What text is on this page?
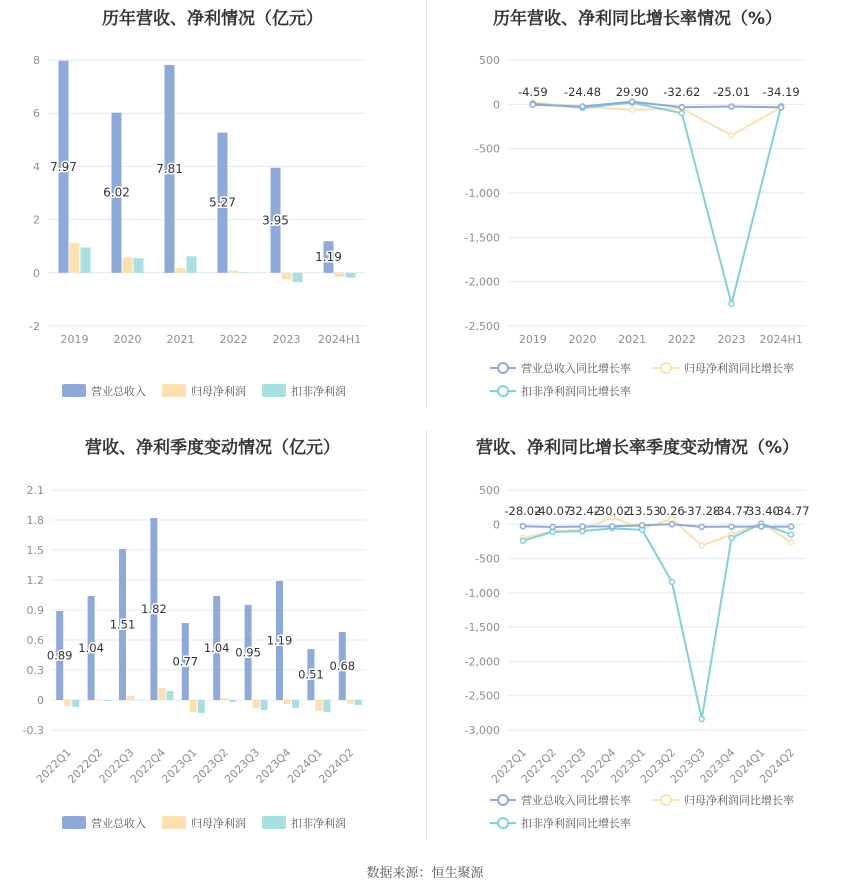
历年营收、净利情况（亿元）
-2
0
2
4
6
8
2019 2020 2021 2022 2023 2024H1
7.97
6.02
7.81
5.27
3.95
1.19
营业总收入	归母净利润	扣非净利润
历年营收、净利同比增长率情况（%）
-2,500
-2,000
-1,500
-1,000
-500
0
500
2019 2020 2021 2022 2023 2024H1
-4.59 -24.48 29.90 -32.62 -25.01 -34.19
营业总收入同比增长率	归母净利润同比增长率
扣非净利润同比增长率
营收、净利季度变动情况（亿元）
-0.3
0
0.3
0.6
0.9
1.2
1.5
1.8
2.1
2022Q1
2022Q2
2022Q3
2022Q4
2023Q1
2023Q2
2023Q3
2023Q4
2024Q1
2024Q2
0.89
1.04
1.51
1.82
0.77
1.04 0.95
1.19
0.51
0.68
营业总收入	归母净利润	扣非净利润
营收、净利同比增长率季度变动情况（%）
-3,000
-2,500
-2,000
-1,500
-1,000
-500
0
500
2022Q1
2022Q2
2022Q3
2022Q4
2023Q1
2023Q2
2023Q3
2023Q4
2024Q1
2024Q2
-28.02
-40.07
-32.42
-30.02
-13.53
0.26
-37.28
-34.77
-33.40
-34.77
营业总收入同比增长率	归母净利润同比增长率
扣非净利润同比增长率
数据来源：恒生聚源
